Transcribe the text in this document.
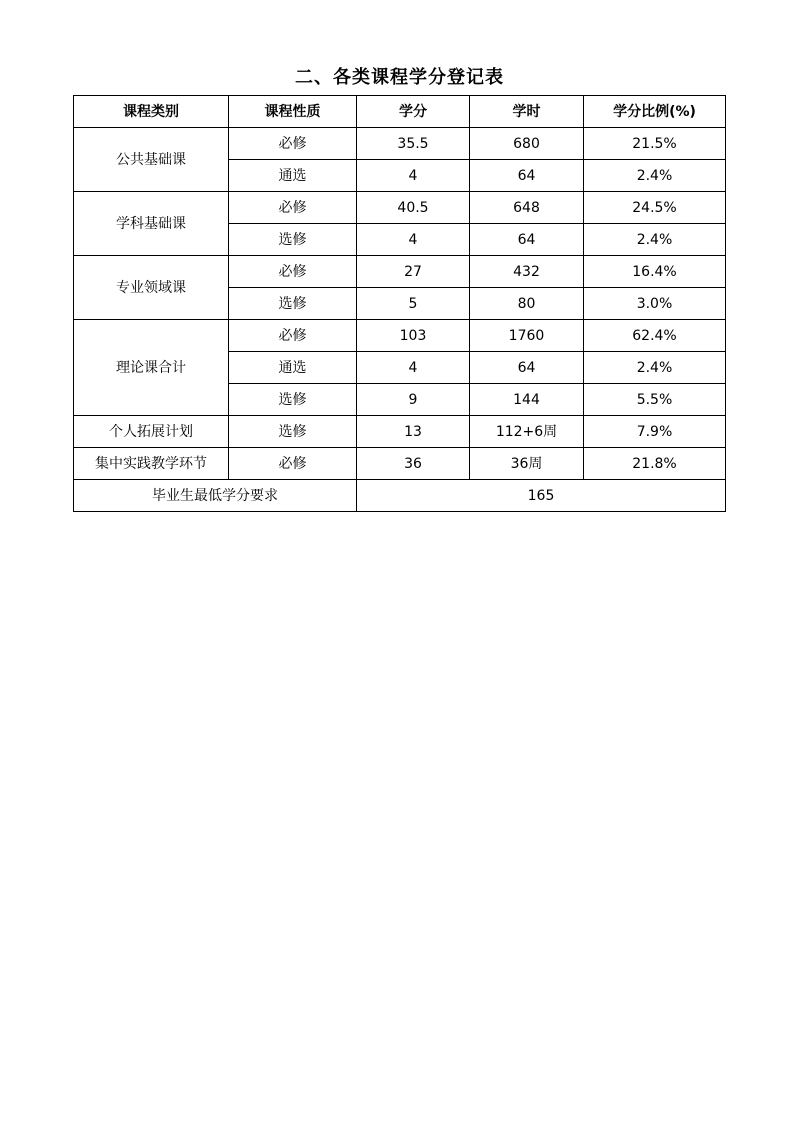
二、各类课程学分登记表
课程类别	课程性质	学分	学时	学分比例(%)
公共基础课	必修	35.5	680	21.5%
	通选	4	64	2.4%
学科基础课	必修	40.5	648	24.5%
	选修	4	64	2.4%
专业领域课	必修	27	432	16.4%
	选修	5	80	3.0%
理论课合计	必修	103	1760	62.4%
	通选	4	64	2.4%
	选修	9	144	5.5%
个人拓展计划	选修	13	112+6周	7.9%
集中实践教学环节	必修	36	36周	21.8%
毕业生最低学分要求		165		
